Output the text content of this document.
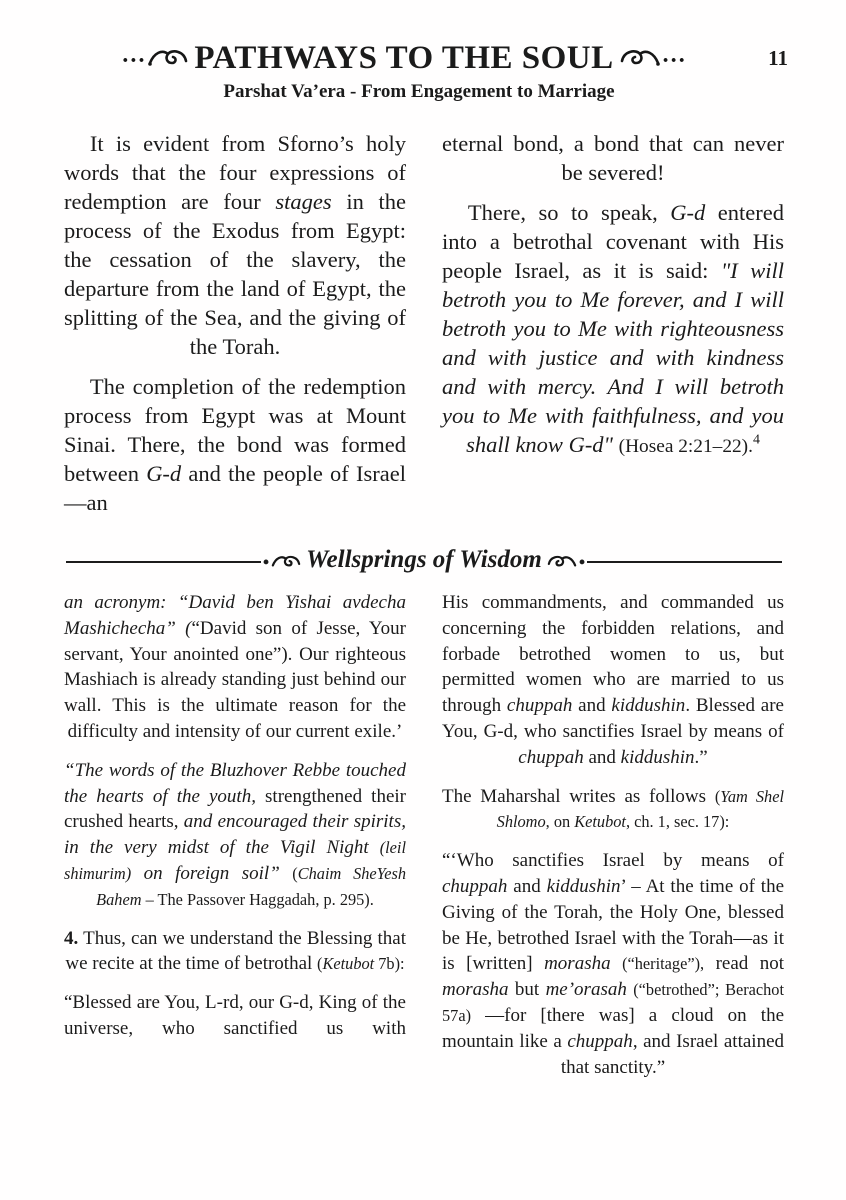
… PATHWAYS TO THE SOUL …	11
Parshat Va’era - From Engagement to Marriage

It is evident from Sforno’s holy words that the four expressions of redemption are four stages in the process of the Exodus from Egypt: the cessation of the slavery, the departure from the land of Egypt, the splitting of the Sea, and the giving of the Torah.

The completion of the redemption process from Egypt was at Mount Sinai. There, the bond was formed between G-d and the people of Israel—an

eternal bond, a bond that can never be severed!

There, so to speak, G-d entered into a betrothal covenant with His people Israel, as it is said: "I will betroth you to Me forever, and I will betroth you to Me with righteousness and with justice and with kindness and with mercy. And I will betroth you to Me with faithfulness, and you shall know G-d" (Hosea 2:21–22).$^4$

• Wellsprings of Wisdom •

an acronym: “David ben Yishai avdecha Mashichecha” (“David son of Jesse, Your servant, Your anointed one”). Our righteous Mashiach is already standing just behind our wall. This is the ultimate reason for the difficulty and intensity of our current exile.’

“The words of the Bluzhover Rebbe touched the hearts of the youth, strengthened their crushed hearts, and encouraged their spirits, in the very midst of the Vigil Night (leil shimurim) on foreign soil” (Chaim SheYesh Bahem – The Passover Haggadah, p. 295).

4. Thus, can we understand the Blessing that we recite at the time of betrothal (Ketubot 7b):

“Blessed are You, L-rd, our G-d, King of the universe, who sanctified us with

His commandments, and commanded us concerning the forbidden relations, and forbade betrothed women to us, but permitted women who are married to us through chuppah and kiddushin. Blessed are You, G-d, who sanctifies Israel by means of chuppah and kiddushin.”

The Maharshal writes as follows (Yam Shel Shlomo, on Ketubot, ch. 1, sec. 17):

“‘Who sanctifies Israel by means of chuppah and kiddushin’ – At the time of the Giving of the Torah, the Holy One, blessed be He, betrothed Israel with the Torah—as it is [written] morasha (“heritage”), read not morasha but me’orasah (“betrothed”; Berachot 57a) —for [there was] a cloud on the mountain like a chuppah, and Israel attained that sanctity.”
